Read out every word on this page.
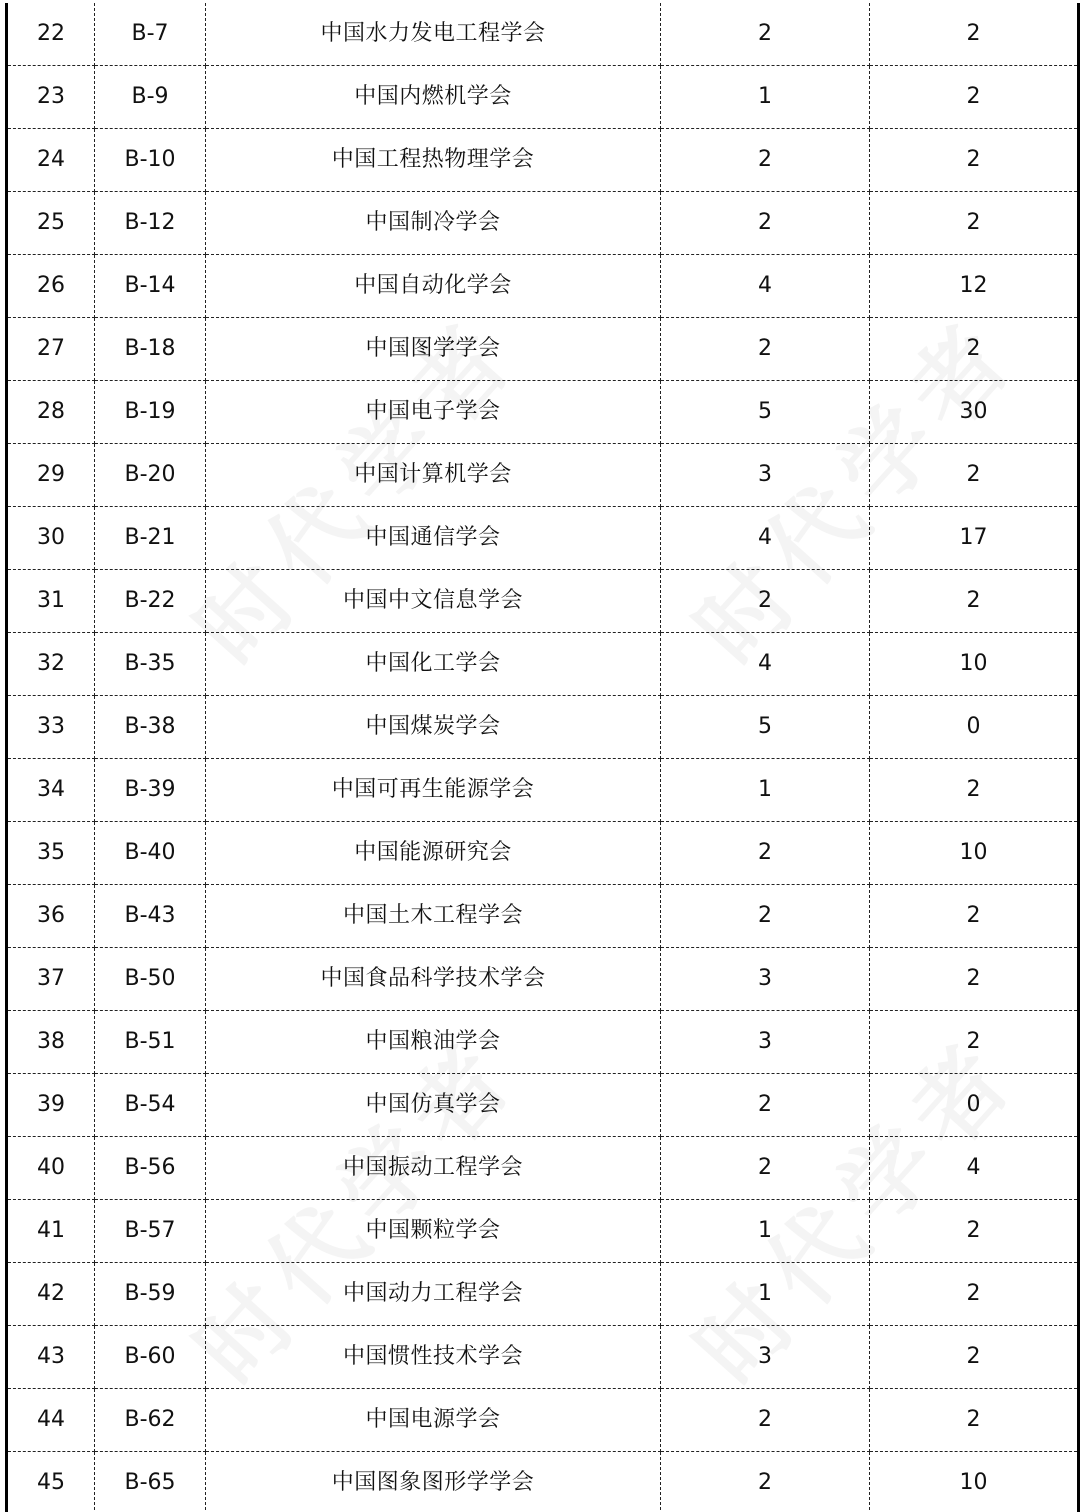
22	B-7	中国水力发电工程学会	2	2
23	B-9	中国内燃机学会	1	2
24	B-10	中国工程热物理学会	2	2
25	B-12	中国制冷学会	2	2
26	B-14	中国自动化学会	4	12
27	B-18	中国图学学会	2	2
28	B-19	中国电子学会	5	30
29	B-20	中国计算机学会	3	2
30	B-21	中国通信学会	4	17
31	B-22	中国中文信息学会	2	2
32	B-35	中国化工学会	4	10
33	B-38	中国煤炭学会	5	0
34	B-39	中国可再生能源学会	1	2
35	B-40	中国能源研究会	2	10
36	B-43	中国土木工程学会	2	2
37	B-50	中国食品科学技术学会	3	2
38	B-51	中国粮油学会	3	2
39	B-54	中国仿真学会	2	0
40	B-56	中国振动工程学会	2	4
41	B-57	中国颗粒学会	1	2
42	B-59	中国动力工程学会	1	2
43	B-60	中国惯性技术学会	3	2
44	B-62	中国电源学会	2	2
45	B-65	中国图象图形学学会	2	10
